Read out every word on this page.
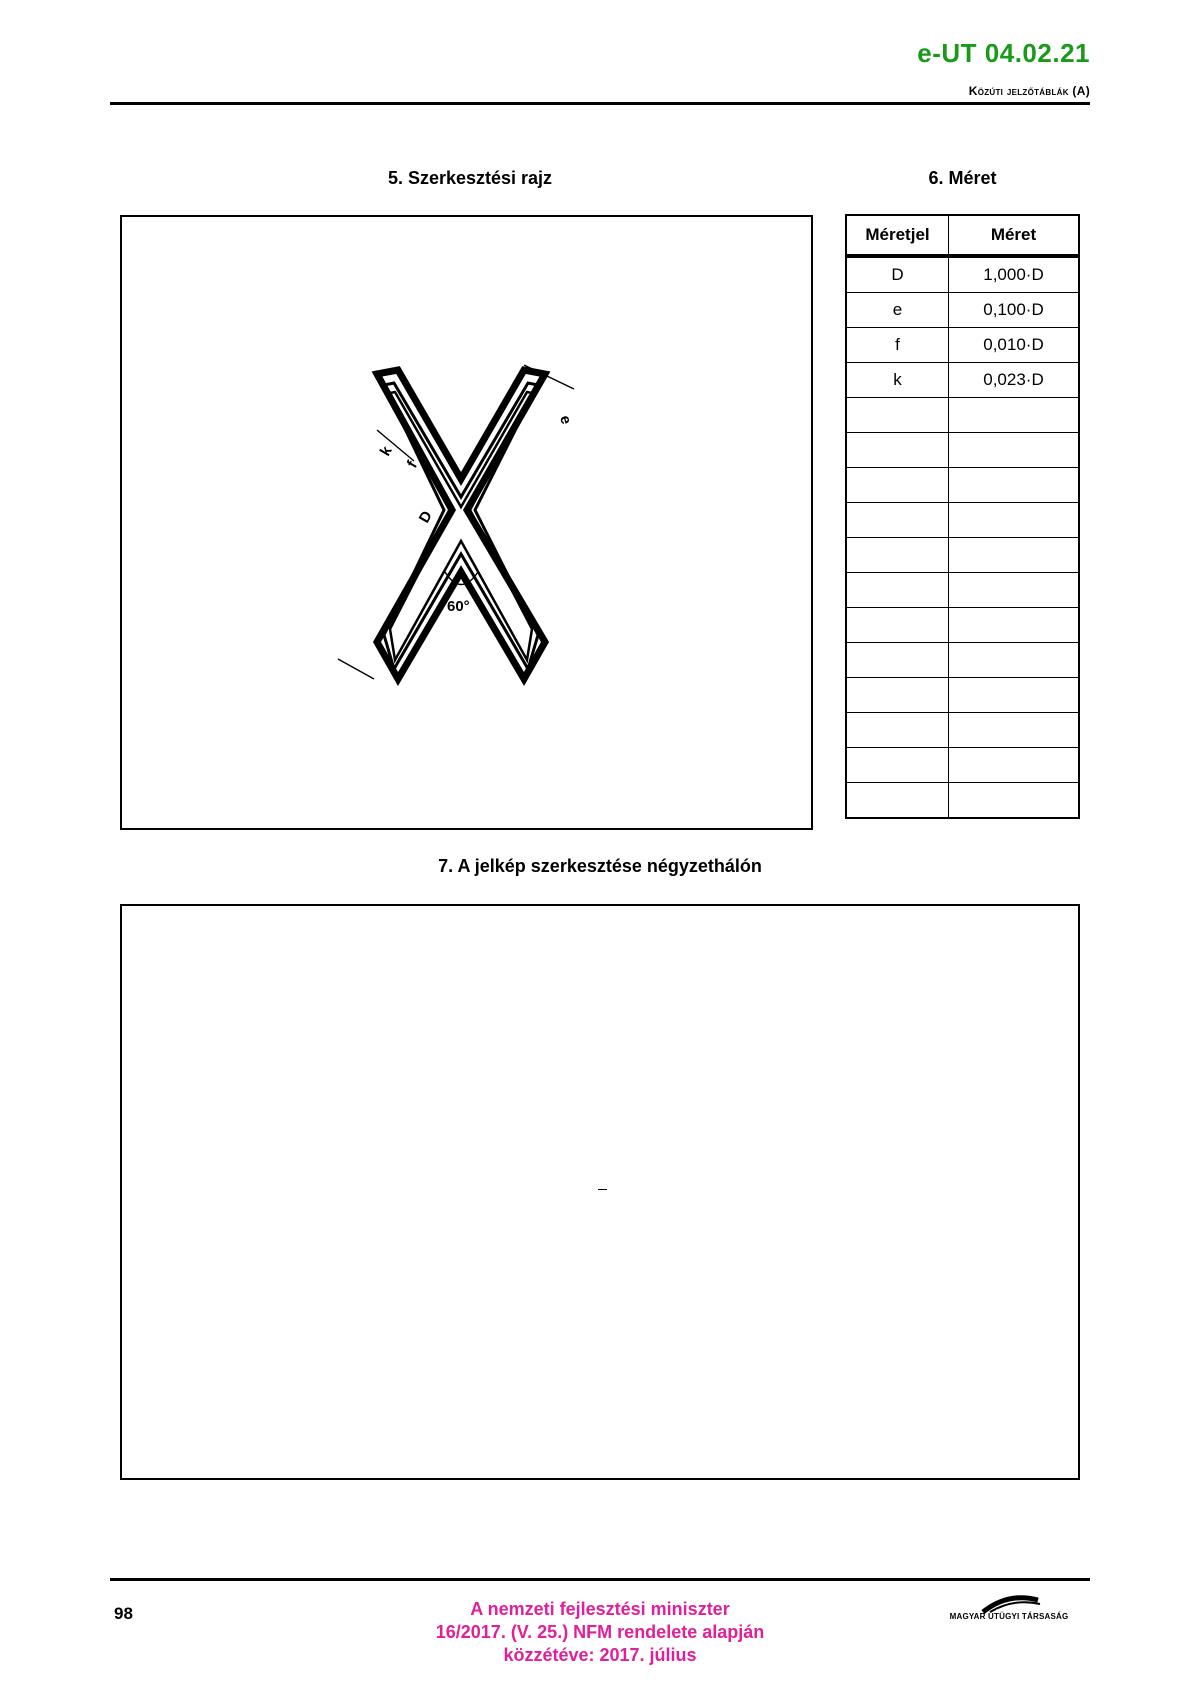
e-UT 04.02.21
Közúti jelzőtáblák (A)
5. Szerkesztési rajz	6. Méret
e
k
f
D
60°
Méretjel	Méret
D	1,000·D
e	0,100·D
f	0,010·D
k	0,023·D

7. A jelkép szerkesztése négyzethálón
98	A nemzeti fejlesztési miniszter
16/2017. (V. 25.) NFM rendelete alapján
közzétéve: 2017. július
MAGYAR ÚTÜGYI TÁRSASÁG
